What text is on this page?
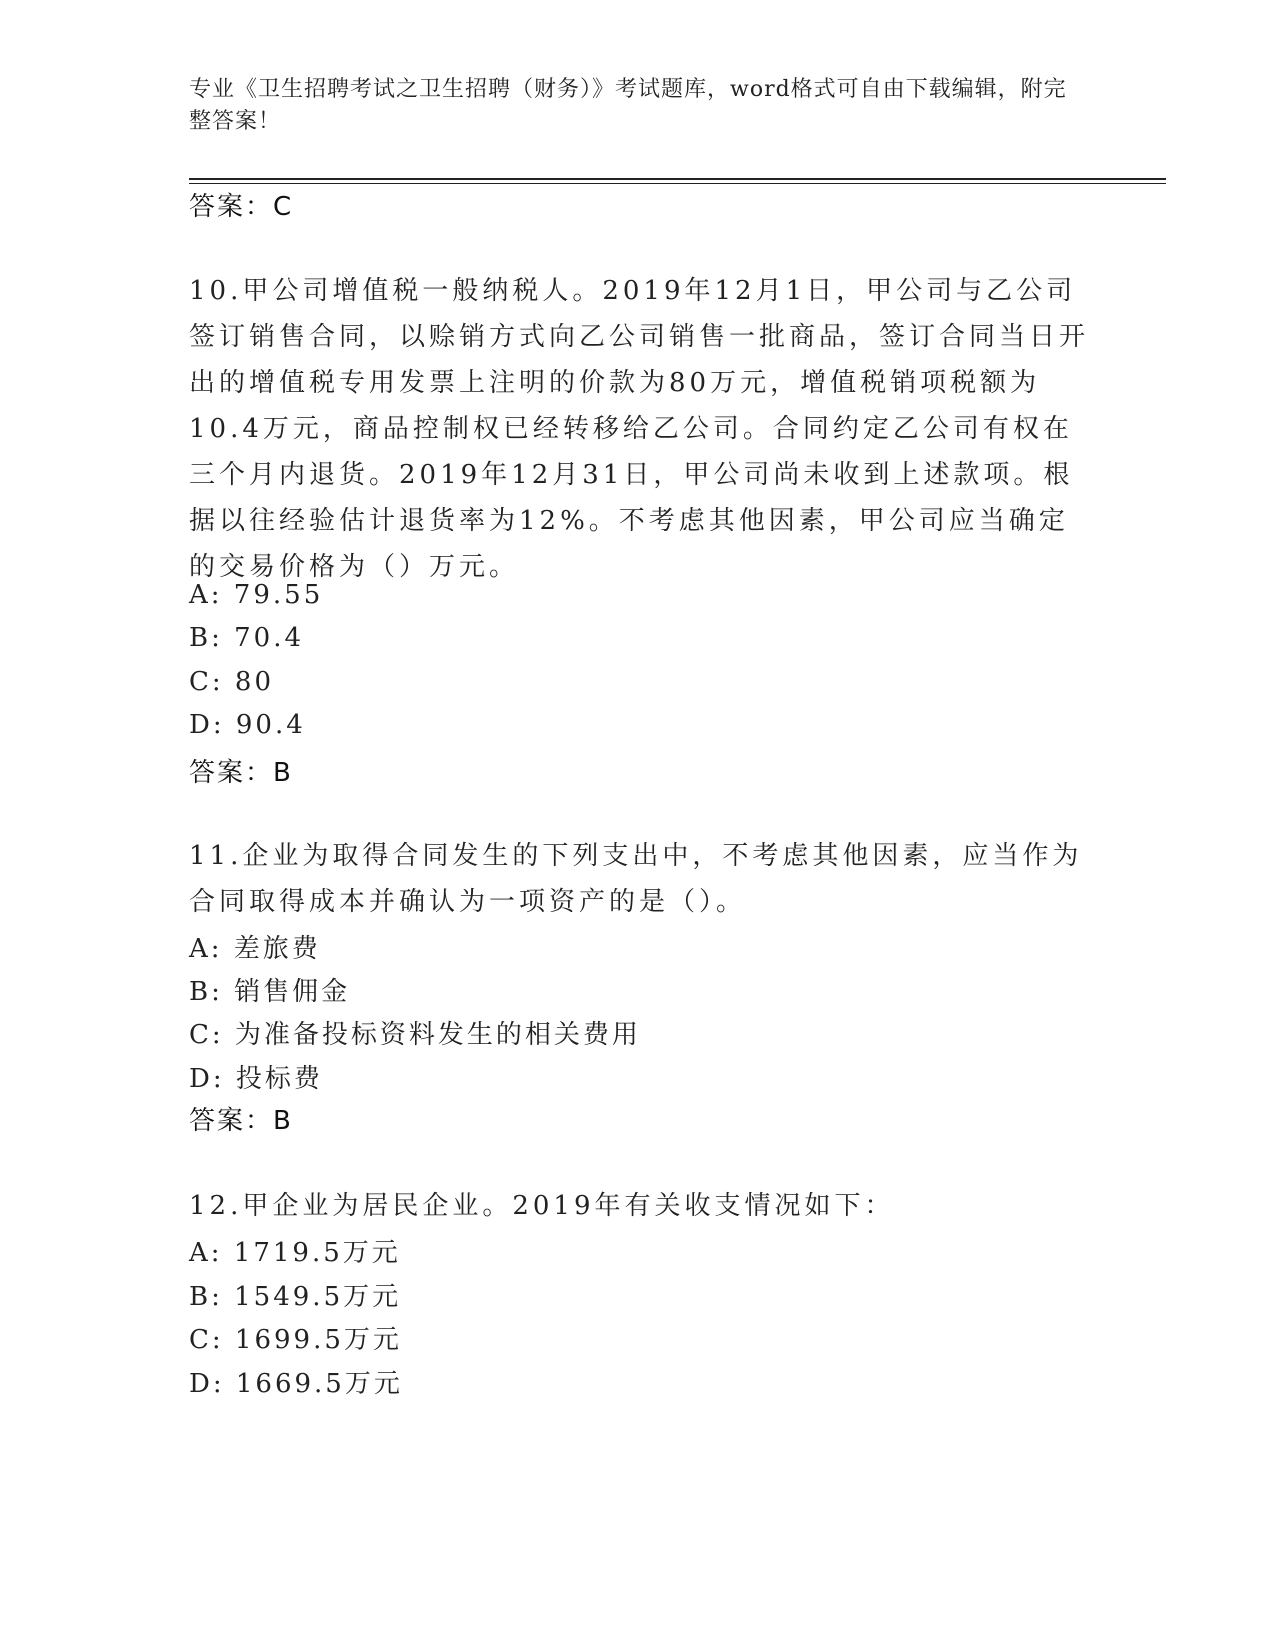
专业《卫生招聘考试之卫生招聘（财务）》考试题库，word格式可自由下载编辑，附完整答案！
答案：C
10.甲公司增值税一般纳税人。2019年12月1日，甲公司与乙公司签订销售合同，以赊销方式向乙公司销售一批商品，签订合同当日开出的增值税专用发票上注明的价款为80万元，增值税销项税额为10.4万元，商品控制权已经转移给乙公司。合同约定乙公司有权在三个月内退货。2019年12月31日，甲公司尚未收到上述款项。根据以往经验估计退货率为12%。不考虑其他因素，甲公司应当确定的交易价格为（）万元。
A: 79.55
B: 70.4
C: 80
D: 90.4
答案：B
11.企业为取得合同发生的下列支出中，不考虑其他因素，应当作为合同取得成本并确认为一项资产的是（）。
A: 差旅费
B: 销售佣金
C: 为准备投标资料发生的相关费用
D: 投标费
答案：B
12.甲企业为居民企业。2019年有关收支情况如下：
A: 1719.5万元
B: 1549.5万元
C: 1699.5万元
D: 1669.5万元
